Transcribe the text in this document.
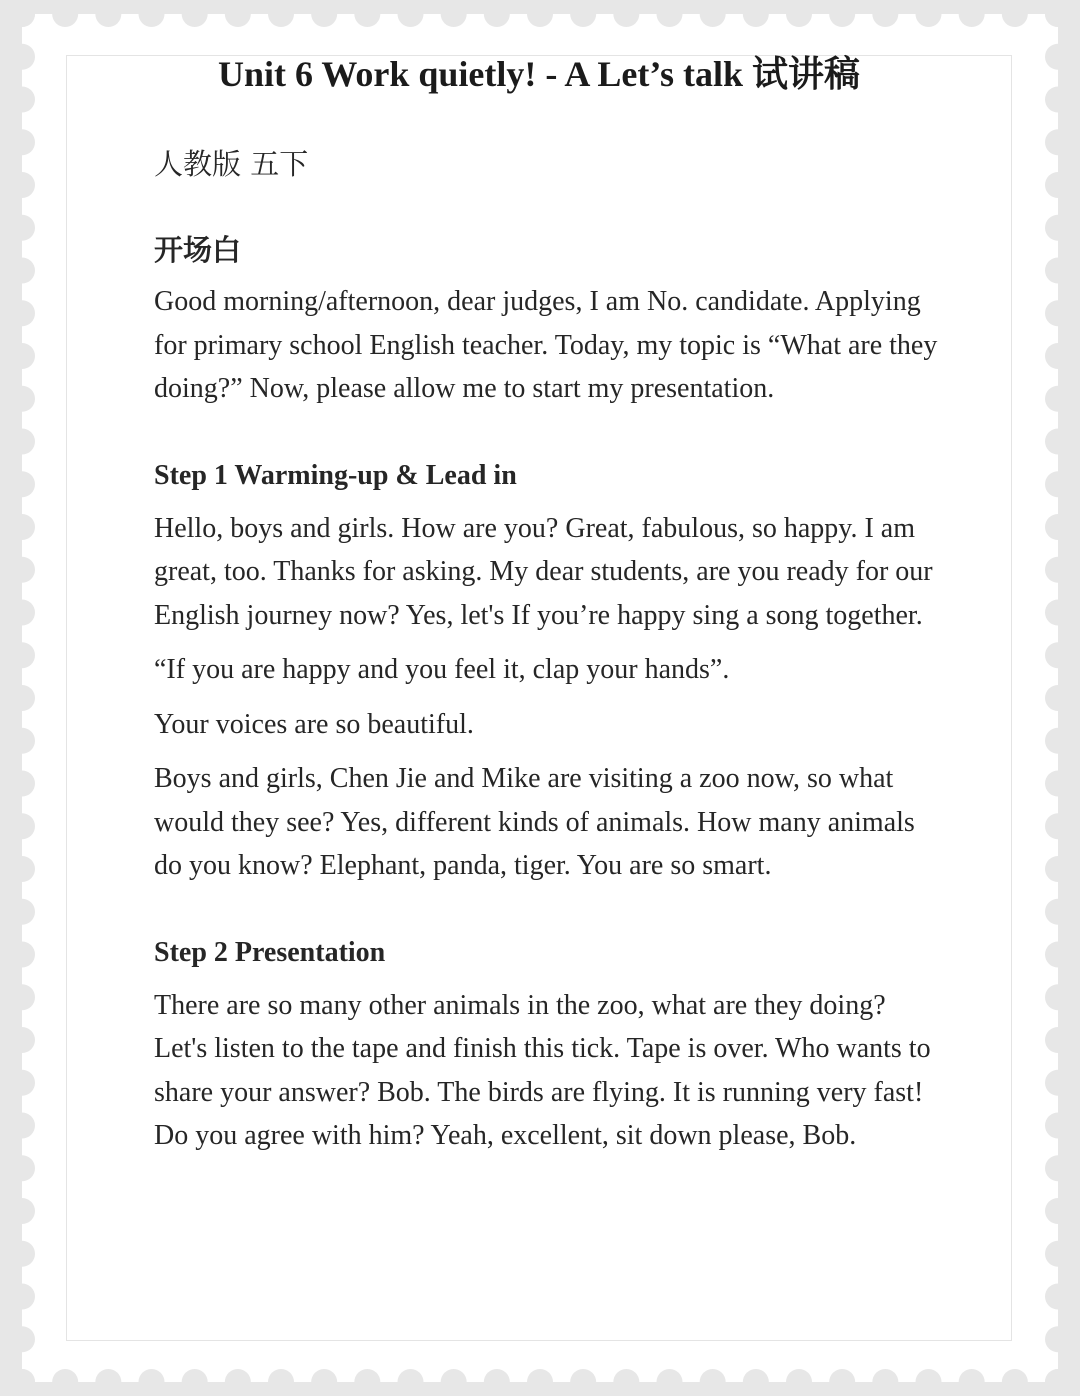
Unit 6 Work quietly! - A Let’s talk 试讲稿

人教版 五下

开场白

Good morning/afternoon, dear judges, I am No. candidate. Applying for primary school English teacher. Today, my topic is “What are they doing?” Now, please allow me to start my presentation.

Step 1 Warming-up & Lead in

Hello, boys and girls. How are you? Great, fabulous, so happy. I am great, too. Thanks for asking. My dear students, are you ready for our English journey now? Yes, let's If you’re happy sing a song together.

“If you are happy and you feel it, clap your hands”.

Your voices are so beautiful.

Boys and girls, Chen Jie and Mike are visiting a zoo now, so what would they see? Yes, different kinds of animals. How many animals do you know? Elephant, panda, tiger. You are so smart.

Step 2 Presentation

There are so many other animals in the zoo, what are they doing? Let's listen to the tape and finish this tick. Tape is over. Who wants to share your answer? Bob. The birds are flying. It is running very fast! Do you agree with him? Yeah, excellent, sit down please, Bob.
